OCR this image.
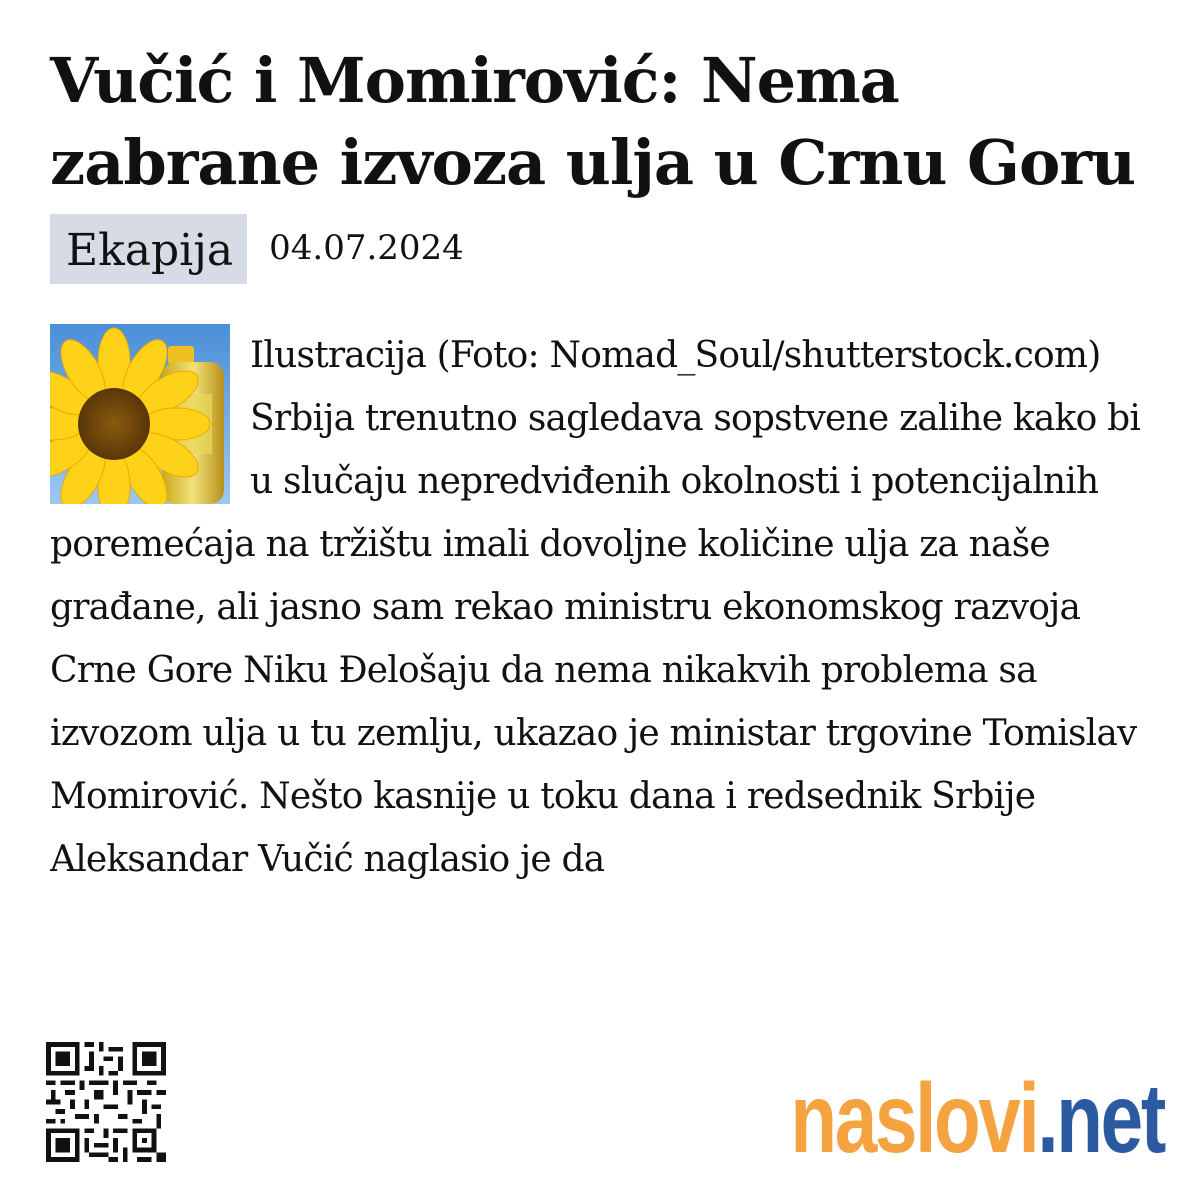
Vučić i Momirović: Nema zabrane izvoza ulja u Crnu Goru
Ekapija	04.07.2024
Ilustracija (Foto: Nomad_Soul/shutterstock.com) Srbija trenutno sagledava sopstvene zalihe kako bi u slučaju nepredviđenih okolnosti i potencijalnih poremećaja na tržištu imali dovoljne količine ulja za naše građane, ali jasno sam rekao ministru ekonomskog razvoja Crne Gore Niku Đelošaju da nema nikakvih problema sa izvozom ulja u tu zemlju, ukazao je ministar trgovine Tomislav Momirović. Nešto kasnije u toku dana i redsednik Srbije Aleksandar Vučić naglasio je da
naslovi.net
